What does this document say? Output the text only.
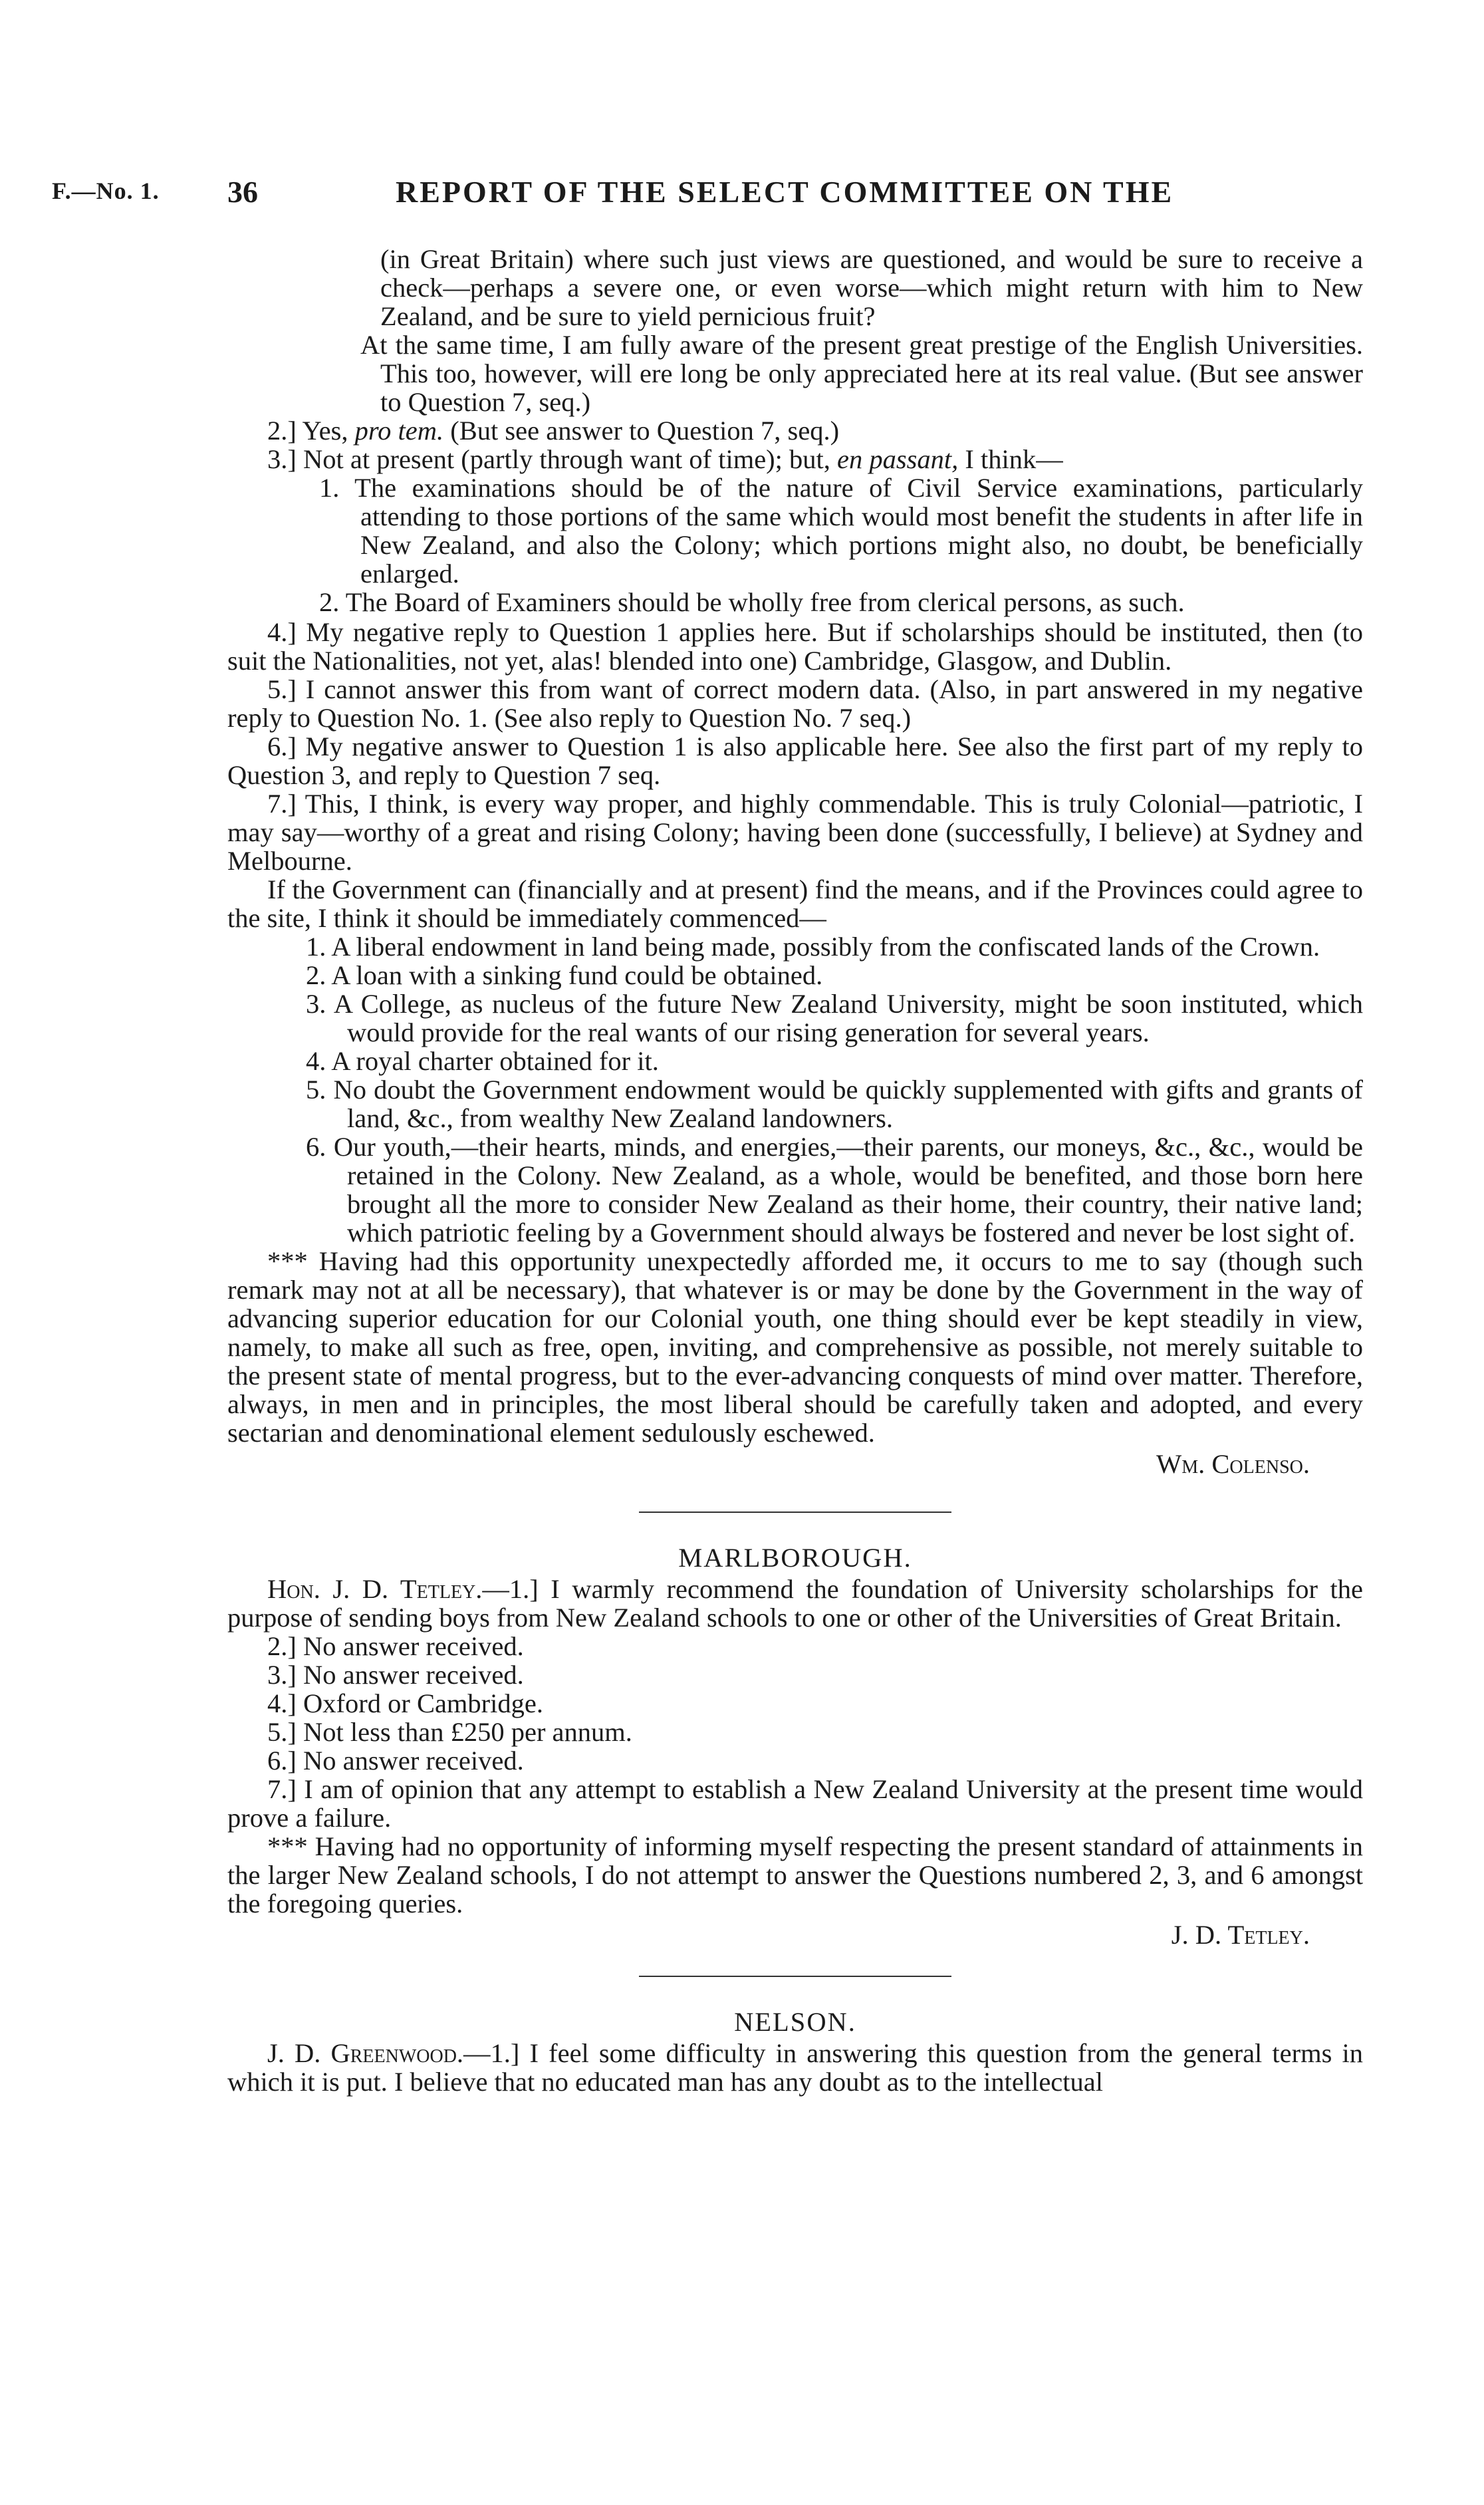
F.—No. 1. 36	REPORT OF THE SELECT COMMITTEE ON THE

(in Great Britain) where such just views are questioned, and would be sure to receive a check—perhaps a severe one, or even worse—which might return with him to New Zealand, and be sure to yield pernicious fruit?

At the same time, I am fully aware of the present great prestige of the English Universities. This too, however, will ere long be only appreciated here at its real value. (But see answer to Question 7, seq.)

2.] Yes, pro tem. (But see answer to Question 7, seq.)

3.] Not at present (partly through want of time); but, en passant, I think—

1. The examinations should be of the nature of Civil Service examinations, particularly attending to those portions of the same which would most benefit the students in after life in New Zealand, and also the Colony; which portions might also, no doubt, be beneficially enlarged.

2. The Board of Examiners should be wholly free from clerical persons, as such.

4.] My negative reply to Question 1 applies here. But if scholarships should be instituted, then (to suit the Nationalities, not yet, alas! blended into one) Cambridge, Glasgow, and Dublin.

5.] I cannot answer this from want of correct modern data. (Also, in part answered in my negative reply to Question No. 1. (See also reply to Question No. 7 seq.)

6.] My negative answer to Question 1 is also applicable here. See also the first part of my reply to Question 3, and reply to Question 7 seq.

7.] This, I think, is every way proper, and highly commendable. This is truly Colonial—patriotic, I may say—worthy of a great and rising Colony; having been done (successfully, I believe) at Sydney and Melbourne.

If the Government can (financially and at present) find the means, and if the Provinces could agree to the site, I think it should be immediately commenced—

1. A liberal endowment in land being made, possibly from the confiscated lands of the Crown.

2. A loan with a sinking fund could be obtained.

3. A College, as nucleus of the future New Zealand University, might be soon instituted, which would provide for the real wants of our rising generation for several years.

4. A royal charter obtained for it.

5. No doubt the Government endowment would be quickly supplemented with gifts and grants of land, &c., from wealthy New Zealand landowners.

6. Our youth,—their hearts, minds, and energies,—their parents, our moneys, &c., &c., would be retained in the Colony. New Zealand, as a whole, would be benefited, and those born here brought all the more to consider New Zealand as their home, their country, their native land; which patriotic feeling by a Government should always be fostered and never be lost sight of.

*** Having had this opportunity unexpectedly afforded me, it occurs to me to say (though such remark may not at all be necessary), that whatever is or may be done by the Government in the way of advancing superior education for our Colonial youth, one thing should ever be kept steadily in view, namely, to make all such as free, open, inviting, and comprehensive as possible, not merely suitable to the present state of mental progress, but to the ever-advancing conquests of mind over matter. Therefore, always, in men and in principles, the most liberal should be carefully taken and adopted, and every sectarian and denominational element sedulously eschewed.

Wm. Colenso.

MARLBOROUGH.

Hon. J. D. Tetley.—1.] I warmly recommend the foundation of University scholarships for the purpose of sending boys from New Zealand schools to one or other of the Universities of Great Britain.

2.] No answer received.

3.] No answer received.

4.] Oxford or Cambridge.

5.] Not less than £250 per annum.

6.] No answer received.

7.] I am of opinion that any attempt to establish a New Zealand University at the present time would prove a failure.

*** Having had no opportunity of informing myself respecting the present standard of attainments in the larger New Zealand schools, I do not attempt to answer the Questions numbered 2, 3, and 6 amongst the foregoing queries.

J. D. Tetley.

NELSON.

J. D. Greenwood.—1.] I feel some difficulty in answering this question from the general terms in which it is put. I believe that no educated man has any doubt as to the intellectual
